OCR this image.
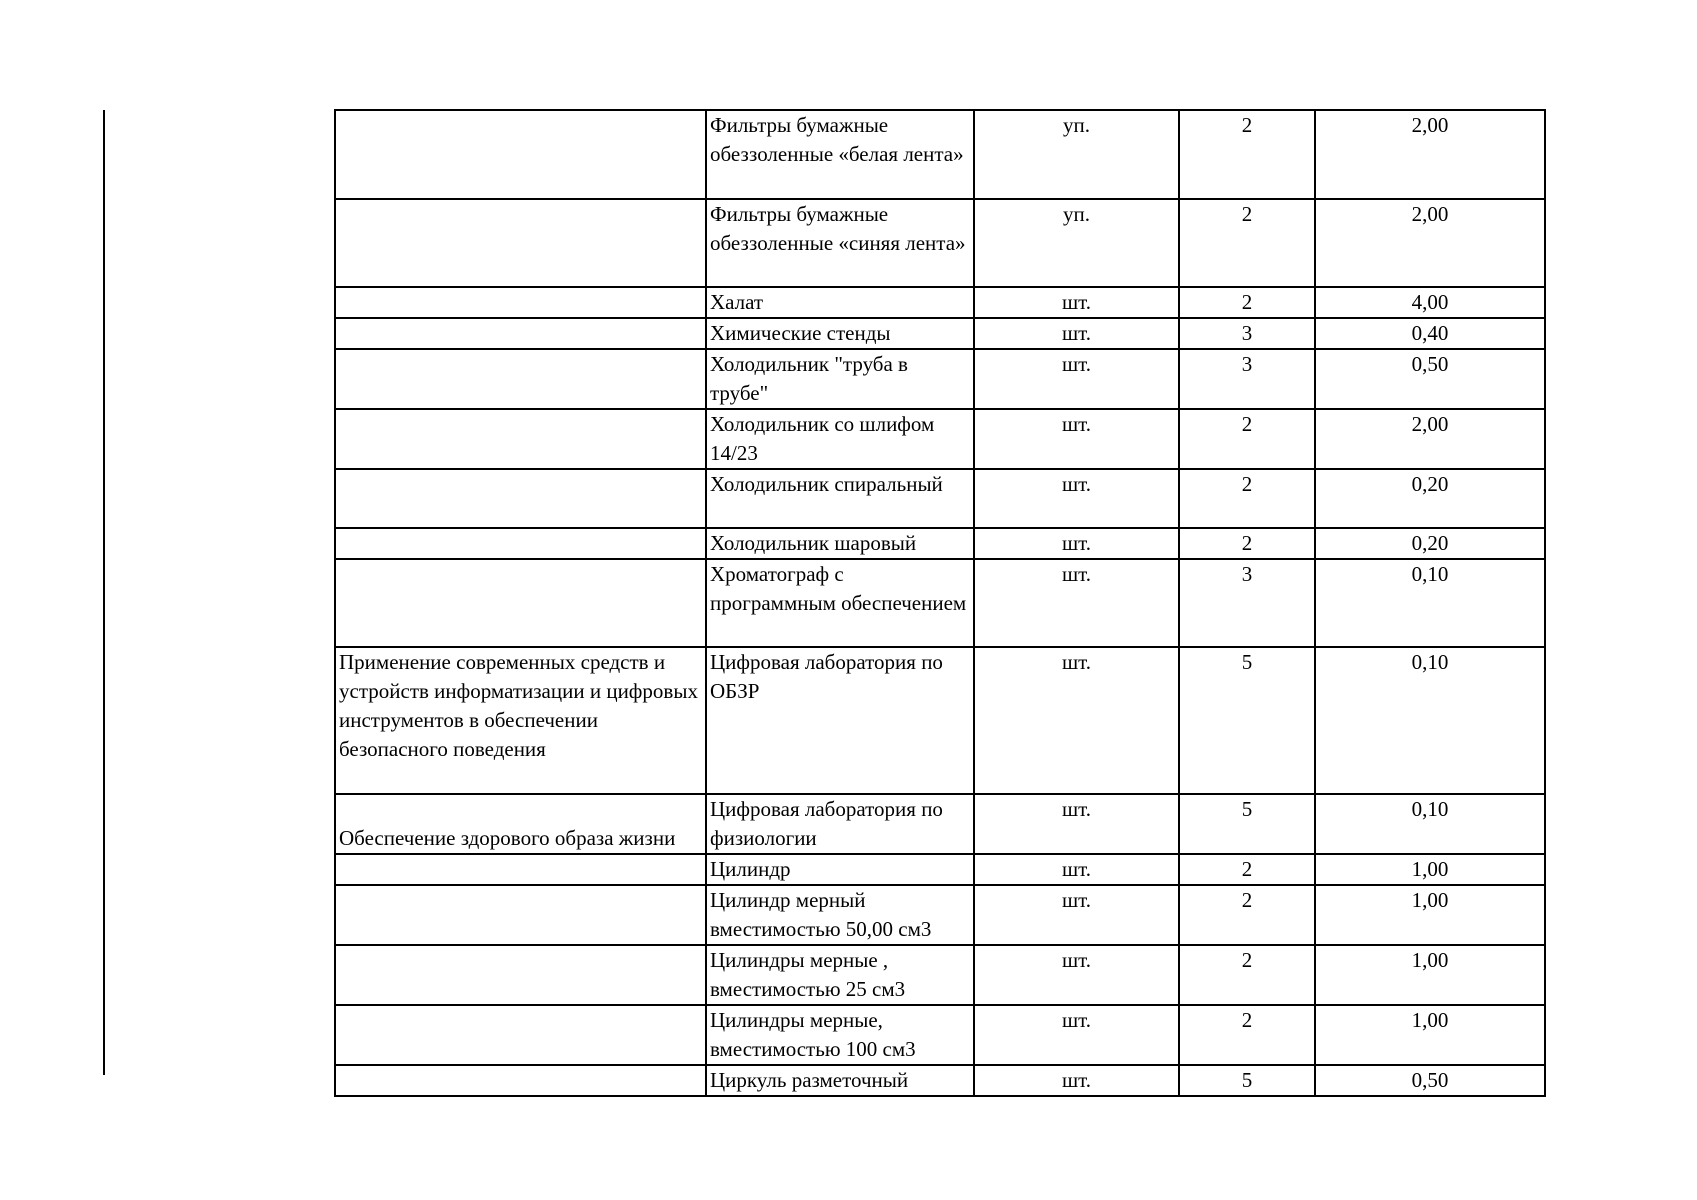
	Фильтры бумажные обеззоленные «белая лента»	уп.	2	2,00
	Фильтры бумажные обеззоленные «синяя лента»	уп.	2	2,00
	Халат	шт.	2	4,00
	Химические стенды	шт.	3	0,40
	Холодильник "труба в трубе"	шт.	3	0,50
	Холодильник со шлифом 14/23	шт.	2	2,00
	Холодильник спиральный	шт.	2	0,20
	Холодильник шаровый	шт.	2	0,20
	Хроматограф с программным обеспечением	шт.	3	0,10
Применение современных средств и устройств информатизации и цифровых инструментов в обеспечении безопасного поведения	Цифровая лаборатория по ОБЗР	шт.	5	0,10
Обеспечение здорового образа жизни	Цифровая лаборатория по физиологии	шт.	5	0,10
	Цилиндр	шт.	2	1,00
	Цилиндр мерный вместимостью 50,00 см3	шт.	2	1,00
	Цилиндры мерные , вместимостью 25 см3	шт.	2	1,00
	Цилиндры мерные, вместимостью 100 см3	шт.	2	1,00
	Циркуль разметочный	шт.	5	0,50
